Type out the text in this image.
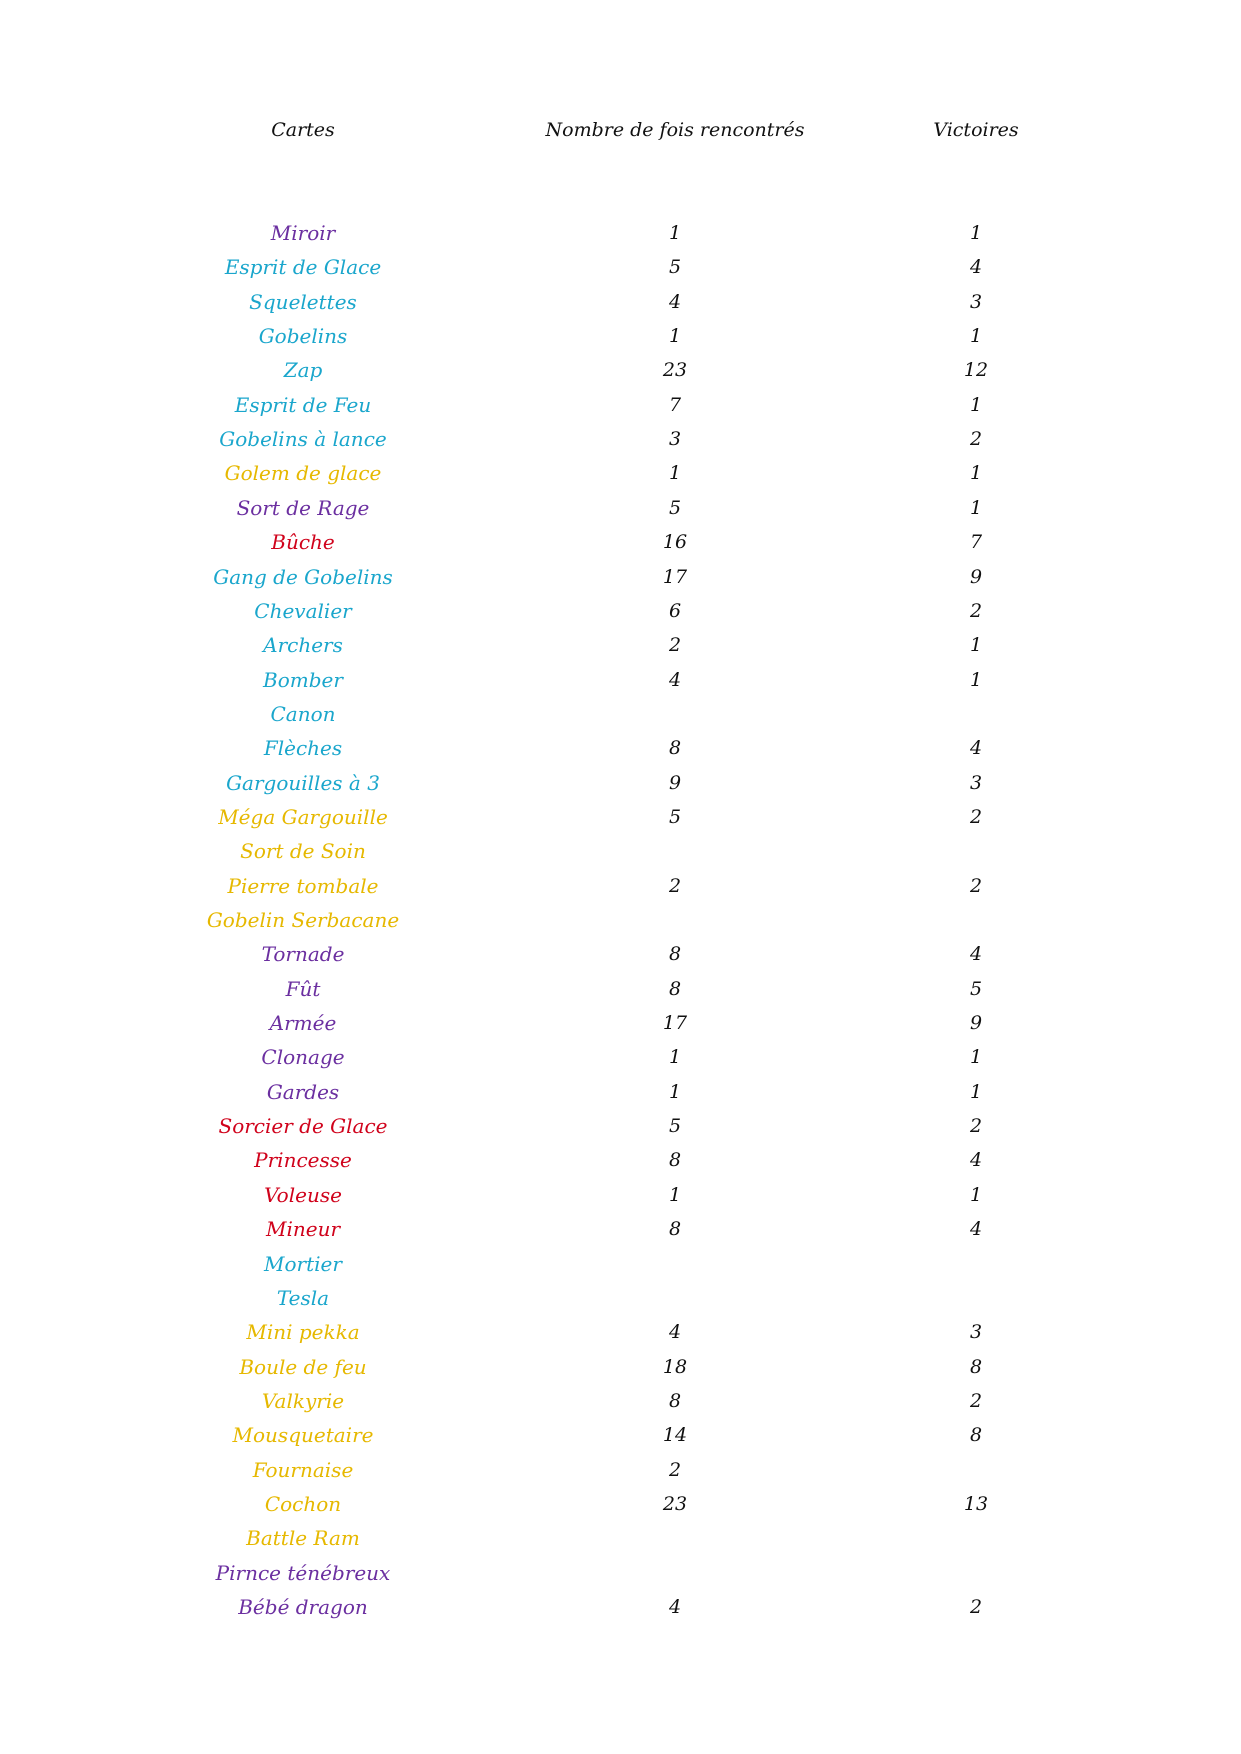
Cartes	Nombre de fois rencontrés	Victoires
Miroir	1	1
Esprit de Glace	5	4
Squelettes	4	3
Gobelins	1	1
Zap	23	12
Esprit de Feu	7	1
Gobelins à lance	3	2
Golem de glace	1	1
Sort de Rage	5	1
Bûche	16	7
Gang de Gobelins	17	9
Chevalier	6	2
Archers	2	1
Bomber	4	1
Canon
Flèches	8	4
Gargouilles à 3	9	3
Méga Gargouille	5	2
Sort de Soin
Pierre tombale	2	2
Gobelin Serbacane
Tornade	8	4
Fût	8	5
Armée	17	9
Clonage	1	1
Gardes	1	1
Sorcier de Glace	5	2
Princesse	8	4
Voleuse	1	1
Mineur	8	4
Mortier
Tesla
Mini pekka	4	3
Boule de feu	18	8
Valkyrie	8	2
Mousquetaire	14	8
Fournaise	2
Cochon	23	13
Battle Ram
Pirnce ténébreux
Bébé dragon	4	2
